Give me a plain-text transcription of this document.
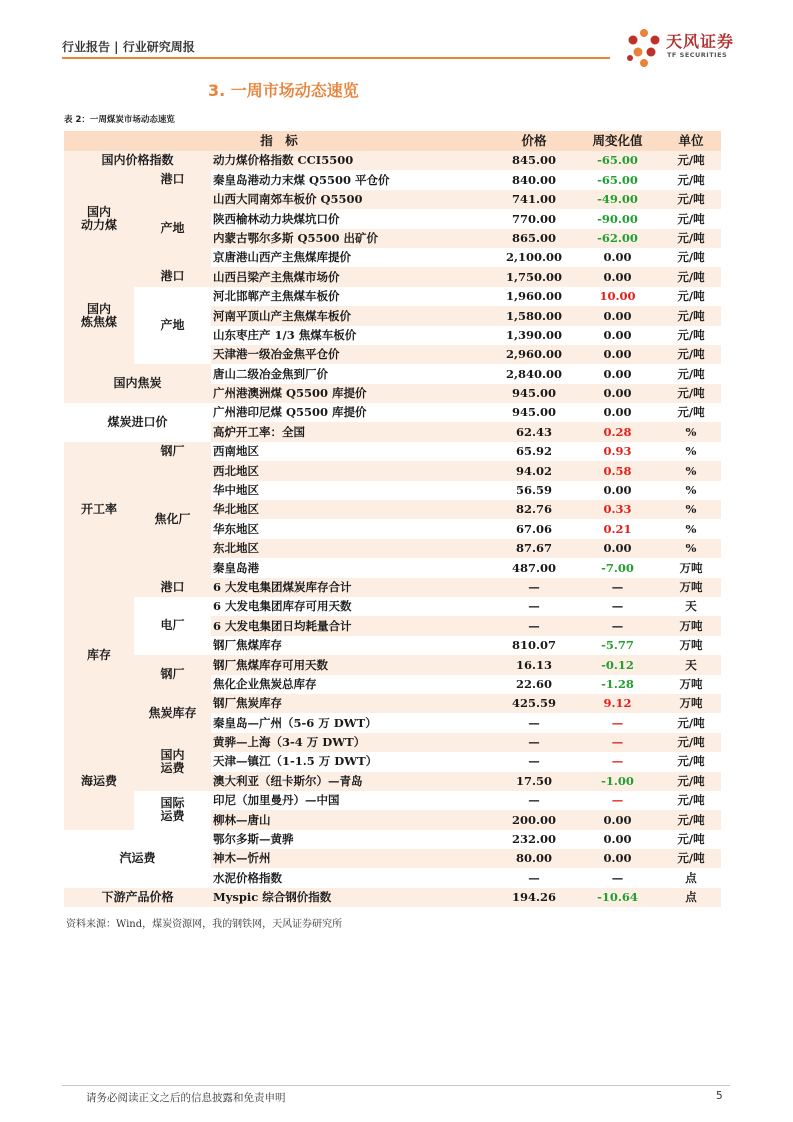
行业报告 | 行业研究周报	天风证券
TF SECURITIES
3. 一周市场动态速览
表 2：一周煤炭市场动态速览
指　标			价格	周变化值	单位
国内价格指数		动力煤价格指数 CCI5500	845.00	-65.00	元/吨
国内
动力煤	港口	秦皇岛港动力末煤 Q5500 平仓价	840.00	-65.00	元/吨
	产地	山西大同南郊车板价 Q5500	741.00	-49.00	元/吨
		陕西榆林动力块煤坑口价	770.00	-90.00	元/吨
		内蒙古鄂尔多斯 Q5500 出矿价	865.00	-62.00	元/吨
		京唐港山西产主焦煤库提价	2,100.00	0.00	元/吨
国内
炼焦煤	港口	山西吕梁产主焦煤市场价	1,750.00	0.00	元/吨
	产地	河北邯郸产主焦煤车板价	1,960.00	10.00	元/吨
		河南平顶山产主焦煤车板价	1,580.00	0.00	元/吨
		山东枣庄产 1/3 焦煤车板价	1,390.00	0.00	元/吨
		天津港一级冶金焦平仓价	2,960.00	0.00	元/吨
国内焦炭		唐山二级冶金焦到厂价	2,840.00	0.00	元/吨
		广州港澳洲煤 Q5500 库提价	945.00	0.00	元/吨
煤炭进口价		广州港印尼煤 Q5500 库提价	945.00	0.00	元/吨
		高炉开工率：全国	62.43	0.28	%
开工率	钢厂	西南地区	65.92	0.93	%
	焦化厂	西北地区	94.02	0.58	%
		华中地区	56.59	0.00	%
		华北地区	82.76	0.33	%
		华东地区	67.06	0.21	%
		东北地区	87.67	0.00	%
		秦皇岛港	487.00	-7.00	万吨
库存	港口	6 大发电集团煤炭库存合计	—	—	万吨
	电厂	6 大发电集团库存可用天数	—	—	天
		6 大发电集团日均耗量合计	—	—	万吨
		钢厂焦煤库存	810.07	-5.77	万吨
	钢厂	钢厂焦煤库存可用天数	16.13	-0.12	天
		焦化企业焦炭总库存	22.60	-1.28	万吨
	焦炭库存	钢厂焦炭库存	425.59	9.12	万吨
		秦皇岛—广州（5-6 万 DWT）	—	—	元/吨
海运费	国内
运费	黄骅—上海（3-4 万 DWT）	—	—	元/吨
		天津—镇江（1-1.5 万 DWT）	—	—	元/吨
		澳大利亚（纽卡斯尔）—青岛	17.50	-1.00	元/吨
	国际
运费	印尼（加里曼丹）—中国	—	—	元/吨
		柳林—唐山	200.00	0.00	元/吨
汽运费		鄂尔多斯—黄骅	232.00	0.00	元/吨
		神木—忻州	80.00	0.00	元/吨
		水泥价格指数	—	—	点
下游产品价格		Myspic 综合钢价指数	194.26	-10.64	点

资料来源：Wind，煤炭资源网，我的钢铁网，天风证券研究所
请务必阅读正文之后的信息披露和免责申明	5
